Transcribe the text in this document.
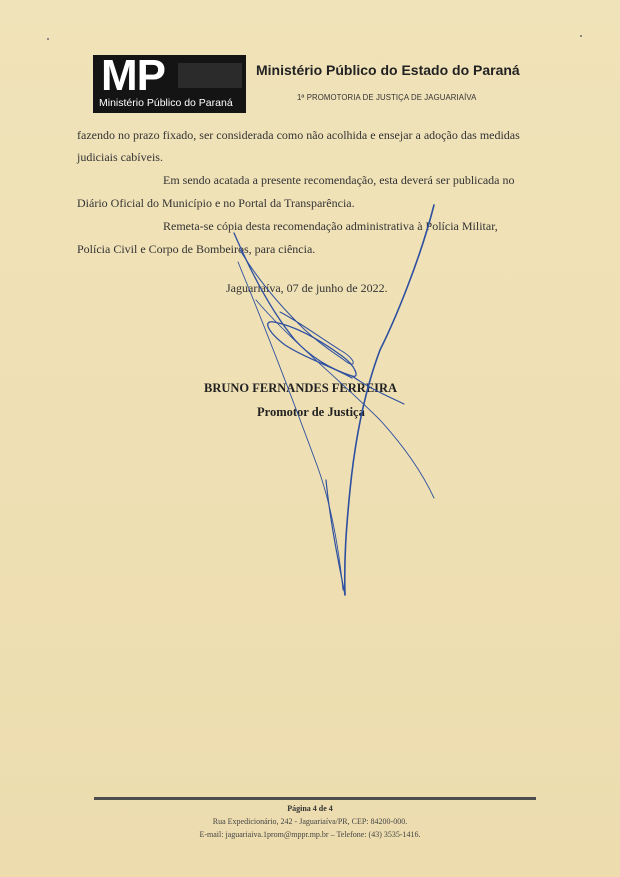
MP
Ministério Público do Paraná
Ministério Público do Estado do Paraná
1ª PROMOTORIA DE JUSTIÇA DE JAGUARIAÍVA
fazendo no prazo fixado, ser considerada como não acolhida e ensejar a adoção das medidas
judiciais cabíveis.
Em sendo acatada a presente recomendação, esta deverá ser publicada no
Diário Oficial do Município e no Portal da Transparência.
Remeta-se cópia desta recomendação administrativa à Polícia Militar,
Polícia Civil e Corpo de Bombeiros, para ciência.
Jaguariaíva, 07 de junho de 2022.
BRUNO FERNANDES FERREIRA
Promotor de Justiça
Página 4 de 4
Rua Expedicionário, 242 - Jaguariaíva/PR, CEP: 84200-000.
E-mail: jaguariaiva.1prom@mppr.mp.br – Telefone: (43) 3535-1416.
